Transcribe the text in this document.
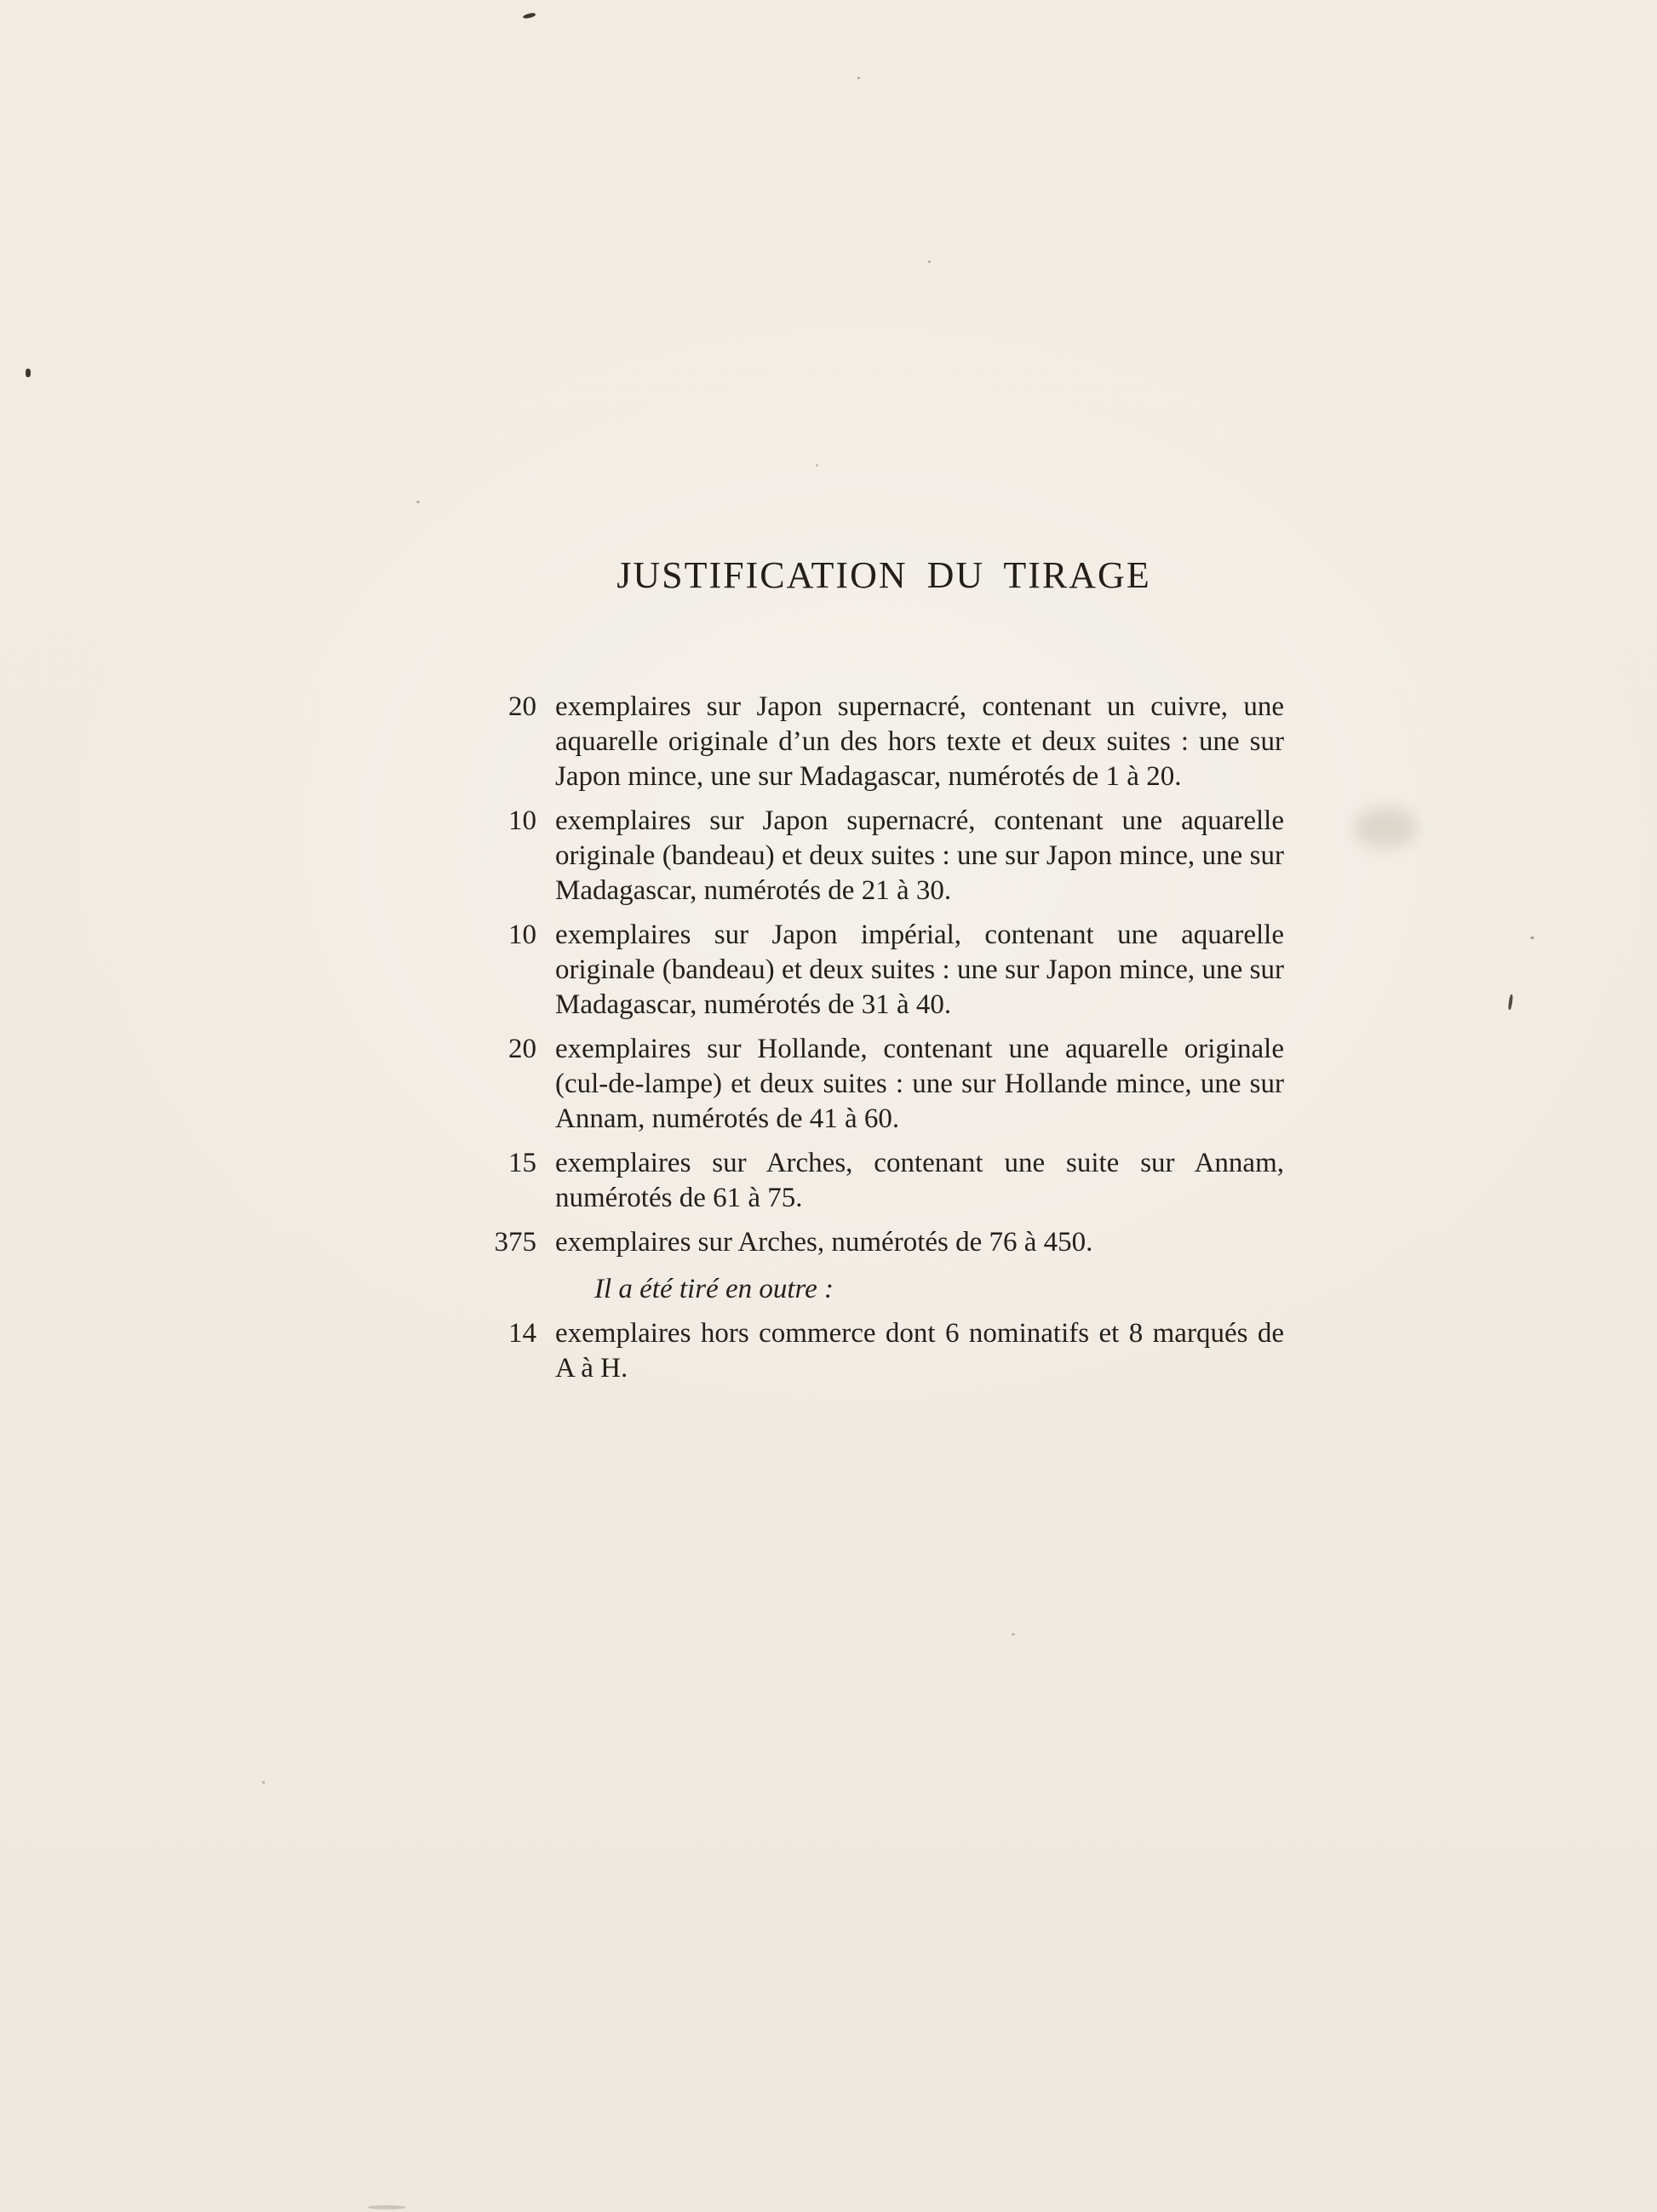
JUSTIFICATION DU TIRAGE
20 exemplaires sur Japon supernacré, contenant un cuivre, une aquarelle originale d’un des hors texte et deux suites : une sur Japon mince, une sur Madagascar, numérotés de 1 à 20.
10 exemplaires sur Japon supernacré, contenant une aquarelle originale (bandeau) et deux suites : une sur Japon mince, une sur Madagascar, numérotés de 21 à 30.
10 exemplaires sur Japon impérial, contenant une aquarelle originale (bandeau) et deux suites : une sur Japon mince, une sur Madagascar, numérotés de 31 à 40.
20 exemplaires sur Hollande, contenant une aquarelle originale (cul-de-lampe) et deux suites : une sur Hollande mince, une sur Annam, numérotés de 41 à 60.
15 exemplaires sur Arches, contenant une suite sur Annam, numérotés de 61 à 75.
375 exemplaires sur Arches, numérotés de 76 à 450.

Il a été tiré en outre :

14 exemplaires hors commerce dont 6 nominatifs et 8 marqués de A à H.
